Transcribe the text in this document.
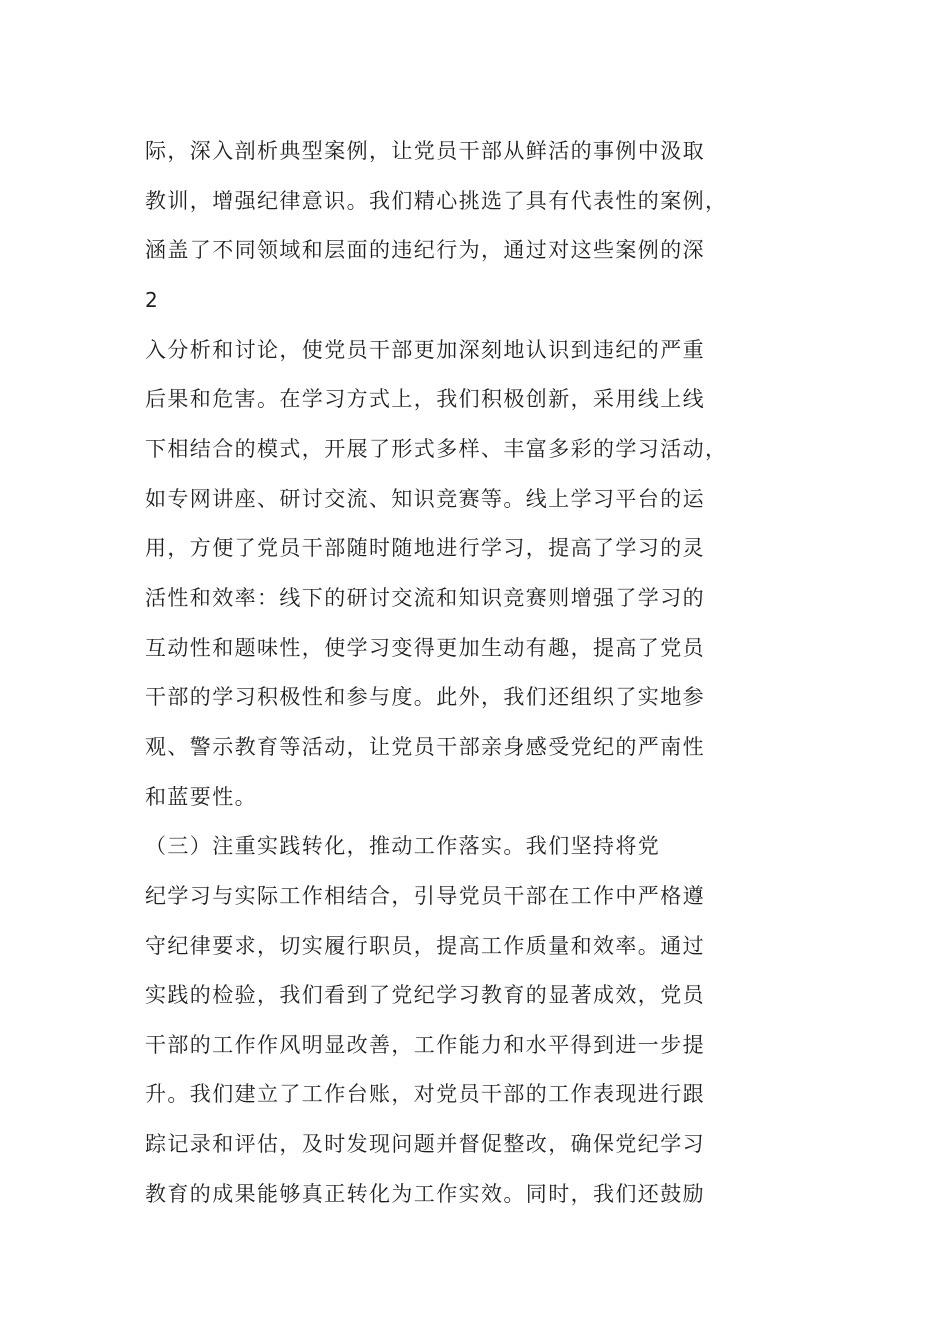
际，深入剖析典型案例，让党员干部从鲜活的事例中汲取
教训，增强纪律意识。我们精心挑选了具有代表性的案例，
涵盖了不同领域和层面的违纪行为，通过对这些案例的深
2
入分析和讨论，使党员干部更加深刻地认识到违纪的严重
后果和危害。在学习方式上，我们积极创新，采用线上线
下相结合的模式，开展了形式多样、丰富多彩的学习活动，
如专网讲座、研讨交流、知识竞赛等。线上学习平台的运
用，方便了党员干部随时随地进行学习，提高了学习的灵
活性和效率：线下的研讨交流和知识竞赛则增强了学习的
互动性和题味性，使学习变得更加生动有趣，提高了党员
干部的学习积极性和参与度。此外，我们还组织了实地参
观、警示教育等活动，让党员干部亲身感受党纪的严南性
和蓝要性。
（三）注重实践转化，推动工作落实。我们坚持将党
纪学习与实际工作相结合，引导党员干部在工作中严格遵
守纪律要求，切实履行职员，提高工作质量和效率。通过
实践的检验，我们看到了党纪学习教育的显著成效，党员
干部的工作作风明显改善，工作能力和水平得到进一步提
升。我们建立了工作台账，对党员干部的工作表现进行跟
踪记录和评估，及时发现问题并督促整改，确保党纪学习
教育的成果能够真正转化为工作实效。同时，我们还鼓励
